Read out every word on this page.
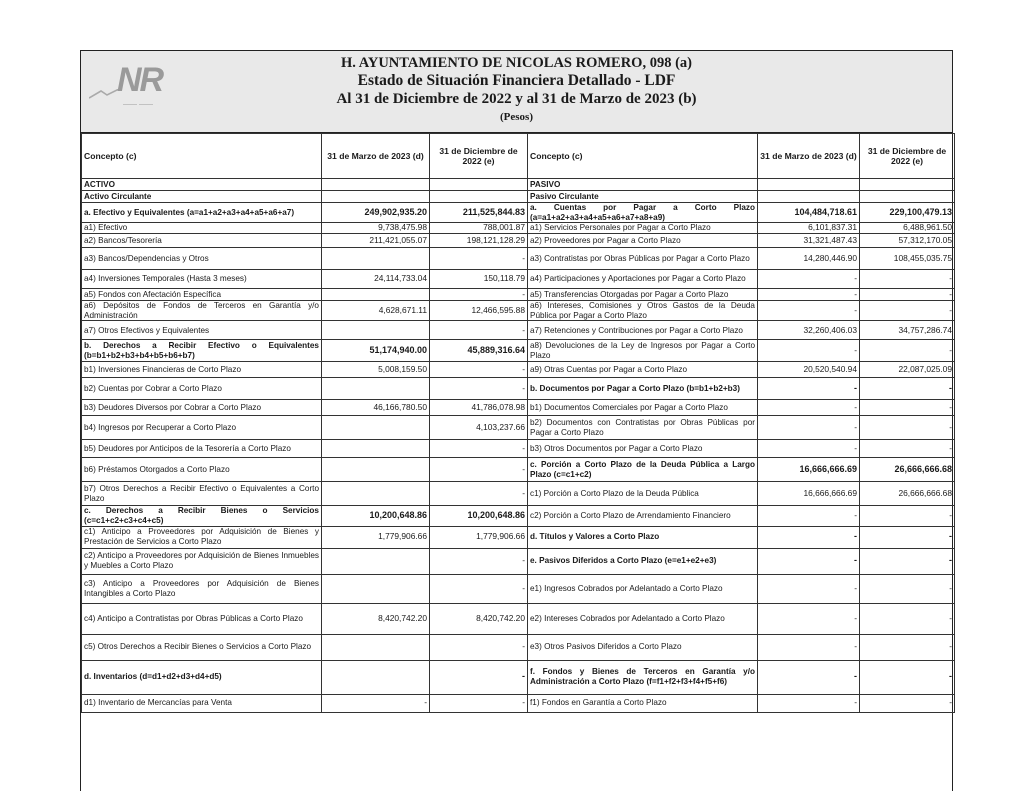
NR
—— ——
H. AYUNTAMIENTO DE NICOLAS ROMERO, 098 (a)
Estado de Situación Financiera Detallado - LDF
Al 31 de Diciembre de 2022 y al 31 de Marzo de 2023 (b)
(Pesos)
Concepto (c)	31 de Marzo de 2023 (d)	31 de Diciembre de 2022 (e)	Concepto (c)	31 de Marzo de 2023 (d)	31 de Diciembre de 2022 (e)
ACTIVO			PASIVO		
Activo Circulante			Pasivo Circulante		
a. Efectivo y Equivalentes (a=a1+a2+a3+a4+a5+a6+a7)	249,902,935.20	211,525,844.83	a. Cuentas por Pagar a Corto Plazo (a=a1+a2+a3+a4+a5+a6+a7+a8+a9)	104,484,718.61	229,100,479.13
a1) Efectivo	9,738,475.98	788,001.87	a1) Servicios Personales por Pagar a Corto Plazo	6,101,837.31	6,488,961.50
a2) Bancos/Tesorería	211,421,055.07	198,121,128.29	a2) Proveedores por Pagar a Corto Plazo	31,321,487.43	57,312,170.05
a3) Bancos/Dependencias y Otros		-	a3) Contratistas por Obras Públicas por Pagar a Corto Plazo	14,280,446.90	108,455,035.75
a4) Inversiones Temporales (Hasta 3 meses)	24,114,733.04	150,118.79	a4) Participaciones y Aportaciones por Pagar a Corto Plazo	-	-
a5) Fondos con Afectación Específica		-	a5) Transferencias Otorgadas por Pagar a Corto Plazo	-	-
a6) Depósitos de Fondos de Terceros en Garantía y/o Administración	4,628,671.11	12,466,595.88	a6) Intereses, Comisiones y Otros Gastos de la Deuda Pública por Pagar a Corto Plazo	-	-
a7) Otros Efectivos y Equivalentes		-	a7) Retenciones y Contribuciones por Pagar a Corto Plazo	32,260,406.03	34,757,286.74
b. Derechos a Recibir Efectivo o Equivalentes (b=b1+b2+b3+b4+b5+b6+b7)	51,174,940.00	45,889,316.64	a8) Devoluciones de la Ley de Ingresos por Pagar a Corto Plazo	-	-
b1) Inversiones Financieras de Corto Plazo	5,008,159.50	-	a9) Otras Cuentas por Pagar a Corto Plazo	20,520,540.94	22,087,025.09
b2) Cuentas por Cobrar a Corto Plazo		-	b. Documentos por Pagar a Corto Plazo (b=b1+b2+b3)	-	-
b3) Deudores Diversos por Cobrar a Corto Plazo	46,166,780.50	41,786,078.98	b1) Documentos Comerciales por Pagar a Corto Plazo	-	-
b4) Ingresos por Recuperar a Corto Plazo		4,103,237.66	b2) Documentos con Contratistas por Obras Públicas por Pagar a Corto Plazo	-	-
b5) Deudores por Anticipos de la Tesorería a Corto Plazo		-	b3) Otros Documentos por Pagar a Corto Plazo	-	-
b6) Préstamos Otorgados a Corto Plazo		-	c. Porción a Corto Plazo de la Deuda Pública a Largo Plazo (c=c1+c2)	16,666,666.69	26,666,666.68
b7) Otros Derechos a Recibir Efectivo o Equivalentes a Corto Plazo		-	c1) Porción a Corto Plazo de la Deuda Pública	16,666,666.69	26,666,666.68
c. Derechos a Recibir Bienes o Servicios (c=c1+c2+c3+c4+c5)	10,200,648.86	10,200,648.86	c2) Porción a Corto Plazo de Arrendamiento Financiero	-	-
c1) Anticipo a Proveedores por Adquisición de Bienes y Prestación de Servicios a Corto Plazo	1,779,906.66	1,779,906.66	d. Títulos y Valores a Corto Plazo	-	-
c2) Anticipo a Proveedores por Adquisición de Bienes Inmuebles y Muebles a Corto Plazo		-	e. Pasivos Diferidos a Corto Plazo (e=e1+e2+e3)	-	-
c3) Anticipo a Proveedores por Adquisición de Bienes Intangibles a Corto Plazo		-	e1) Ingresos Cobrados por Adelantado a Corto Plazo	-	-
c4) Anticipo a Contratistas por Obras Públicas a Corto Plazo	8,420,742.20	8,420,742.20	e2) Intereses Cobrados por Adelantado a Corto Plazo	-	-
c5) Otros Derechos a Recibir Bienes o Servicios a Corto Plazo		-	e3) Otros Pasivos Diferidos a Corto Plazo	-	-
d. Inventarios (d=d1+d2+d3+d4+d5)		-	f. Fondos y Bienes de Terceros en Garantía y/o Administración a Corto Plazo (f=f1+f2+f3+f4+f5+f6)	-	-
d1) Inventario de Mercancías para Venta	-	-	f1) Fondos en Garantía a Corto Plazo	-	-
